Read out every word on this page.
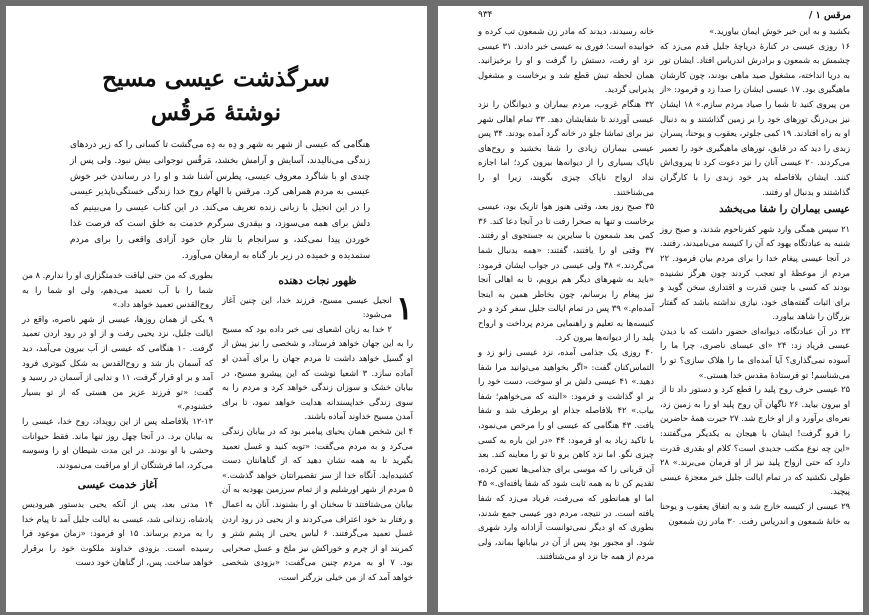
سرگذشت عیسی مسیح
نوشتهٔ مَرقُس
هنگامی که عیسی از شهر به شهر و دِه به دِه می‌گشت تا کسانی را که زیر دردهای زندگی می‌نالیدند، آسایش و آرامش بخشد، مَرقُس نوجوانی بیش نبود. ولی پس از چندی او با شاگرد معروف عیسی، پطرس آشنا شد و او را در رساندن خبر خوش عیسی به مردم همراهی کرد. مرقس با الهام روح خدا زندگی‌ خستگی‌ناپذیر عیسی را در این انجیل با زبانی زنده تعریف می‌کند. در این کتاب عیسی را می‌بینیم که دلش برای همه می‌سوزد، و بیقدری سرگرم خدمت به خلق است که فرصت غذا خوردن پیدا نمی‌کند، و سرانجام با نثار جان خود آزادی واقعی را برای مردم ستمدیده و خمیده در زیر بار گناه به ارمغان می‌آورد.

ظهور نجات دهنده

۱

انجیل عیسی مسیح، فرزند خدا، این چنین آغاز می‌شود:

۲ خدا به زبان اشعیای نبی خبر داده بود که مسیح را به این جهان خواهد فرستاد، و شخصی را نیز پیش از او گسیل خواهد داشت تا مردم جهان را برای آمدن او آماده سازد. ۳ اشعیا نوشت که این پیشرو مسیح، در بیابان خشک و سوزان زندگی خواهد کرد و مردم را به سوی زندگی خداپسندانه هدایت خواهد نمود، تا برای آمدن مسیح خداوند آماده باشند.

۴ این شخص همان یحیای پیامبر بود که در بیابان زندگی می‌کرد و به مردم می‌گفت: «توبه کنید و غسل تعمید بگیرید تا به همه نشان دهید که از گناهانتان دست کشیده‌اید. آنگاه خدا از سر تقصیراتتان خواهد گذشت.» ۵ مردم از شهر اورشلیم و از تمام سرزمین یهودیه به آن بیابان می‌شتافتند تا سخنان او را بشنوند. آنان به اعمال و رفتار بد خود اعتراف می‌کردند و از یحیی در رود اردن غسل تعمید می‌گرفتند. ۶ لباس یحیی از پشم شتر و کمربند او از چرم و خوراکش نیز ملخ و عسل صحرایی بود. ۷ او به مردم چنین می‌گفت: «بزودی شخصی خواهد آمد که از من خیلی بزرگتر است،

بطوری که من حتی لیاقت خدمتگزاری او را ندارم. ۸ من شما را با آب تعمید می‌دهم، ولی او شما را به روح‌القدس تعمید خواهد داد.»

۹ یکی از همان روزها، عیسی از شهر ناصره، واقع در ایالت جلیل، نزد یحیی رفت و از او در رود اردن تعمید گرفت. ۱۰ هنگامی که عیسی از آب بیرون می‌آمد، دید که آسمان باز شد و روح‌القدس به شکل کبوتری فرود آمد و بر او قرار گرفت، ۱۱ و ندایی از آسمان در رسید و گفت: «تو فرزند عزیز من هستی که از تو بسیار خشنودم.»

۱۲-۱۳ بلافاصله پس از این رویداد، روح خدا، عیسی را به بیابان برد. در آنجا چهل روز تنها ماند. فقط حیوانات وحشی با او بودند. در این مدت شیطان او را وسوسه می‌کرد، اما فرشتگان از او مراقبت می‌نمودند.

آغاز خدمت عیسی

۱۴ مدتی بعد، پس از آنکه یحیی بدستور هیرودیس پادشاه، زندانی شد، عیسی به ایالت جلیل آمد تا پیام خدا را به مردم برساند. ۱۵ او فرمود: «زمان موعود فرا رسیده است. بزودی خداوند ملکوت خود را برقرار خواهد ساخت. پس، از گناهان خود دست

مرقس ۱ /
۹۳۴

بکشید و به این خبر خوش ایمان بیاورید.»

۱۶ روزی عیسی در کنارهٔ دریاچهٔ جلیل قدم می‌زد که چشمش به شمعون و برادرش اندریاس افتاد. ایشان تور به دریا انداخته، مشغول صید ماهی بودند، چون کارشان ماهیگیری بود. ۱۷ عیسی ایشان را صدا زد و فرمود: «از من پیروی کنید تا شما را صیاد مردم سازم.» ۱۸ ایشان نیز بی‌درنگ تورهای خود را بر زمین گذاشتند و به دنبال او به راه افتادند. ۱۹ کمی جلوتر، یعقوب و یوحنا، پسران زبدی را دید که در قایق، تورهای ماهیگیری خود را تعمیر می‌کردند. ۲۰ عیسی آنان را نیز دعوت کرد تا پیروی‌اش کنند. ایشان بلافاصله پدر خود زبدی را با کارگران گذاشتند و بدنبال او رفتند.

عیسی بیماران را شفا می‌بخشد

۲۱ سپس همگی وارد شهر کفرناحوم شدند، و صبح روز شنبه به عبادتگاه یهود که آن را کنیسه می‌نامیدند، رفتند. در آنجا عیسی پیغام خدا را برای مردم بیان فرمود. ۲۲ مردم از موعظهٔ او تعجب کردند چون هرگز نشنیده بودند که کسی با چنین قدرت و اقتداری سخن گوید و برای اثبات گفته‌های خود، نیازی نداشته باشد که گفتار بزرگان را شاهد بیاورد.

۲۳ در آن عبادتگاه، دیوانه‌ای حضور داشت که با دیدن عیسی فریاد زد: ۲۴ «ای عیسای ناصری، چرا ما را آسوده نمی‌گذاری؟ آیا آمده‌ای ما را هلاک سازی؟ تو را می‌شناسم! تو فرستادهٔ مقدس خدا هستی.»

۲۵ عیسی حرف روح پلید را قطع کرد و دستور داد تا از او بیرون بیاید. ۲۶ ناگهان آن روح پلید او را به زمین زد، نعره‌ای برآورد و از او خارج شد. ۲۷ حیرت همهٔ حاضرین را فرو گرفت! ایشان با هیجان به یکدیگر می‌گفتند: «این چه نوع مکتب جدیدی است؟ کلام او بقدری قدرت دارد که حتی ارواح پلید نیز از او فرمان می‌برند.» ۲۸ طولی نکشید که در تمام ایالت جلیل خبر معجزهٔ عیسی پیچید.

۲۹ عیسی از کنیسه خارج شد و به اتفاق یعقوب و یوحنا به خانهٔ شمعون و اندریاس رفت. ۳۰ مادر زن شمعون

خانه رسیدند، دیدند که مادر زن شمعون تب کرده و خوابیده است؛ فوری به عیسی خبر دادند. ۳۱ عیسی نزد او رفت، دستش را گرفت و او را برخیزانید. همان لحظه تبش قطع شد و برخاست و مشغول پذیرایی گردید.

۳۲ هنگام غروب، مردم بیماران و دیوانگان را نزد عیسی آوردند تا شفایشان دهد. ۳۳ تمام اهالی شهر نیز برای تماشا جلو در خانه گرد آمده بودند. ۳۴ پس عیسی بیماران زیادی را شفا بخشید و روح‌های ناپاک بسیاری را از دیوانه‌ها بیرون کرد؛ اما اجازه نداد ارواح ناپاک چیزی بگویند، زیرا او را می‌شناختند.

۳۵ صبح روز بعد، وقتی هنوز هوا تاریک بود، عیسی برخاست و تنها به صحرا رفت تا در آنجا دعا کند. ۳۶ کمی بعد شمعون با سایرین به جستجوی او رفتند. ۳۷ وقتی او را یافتند، گفتند: «همه بدنبال شما می‌گردند.» ۳۸ ولی عیسی در جواب ایشان فرمود: «باید به شهرهای دیگر هم برویم، تا به اهالی آنجا نیز پیغام را برسانم، چون بخاطر همین به اینجا آمده‌ام.» ۳۹ پس در تمام ایالت جلیل سفر کرد و در کنیسه‌ها به تعلیم و راهنمایی مردم پرداخت و ارواح پلید را از دیوانه‌ها بیرون کرد.

۴۰ روزی یک جذامی آمده، نزد عیسی زانو زد و التماس‌کنان گفت: «اگر بخواهید می‌توانید مرا شفا دهید.» ۴۱ عیسی دلش بر او سوخت، دست خود را بر او گذاشت و فرمود: «البته که می‌خواهم؛ شفا بیاب.» ۴۲ بلافاصله جذام او برطرف شد و شفا یافت. ۴۳ هنگامی که عیسی او را مرخص می‌نمود، با تاکید زیاد به او فرمود: ۴۴ «در این باره به کسی چیزی نگو. اما نزد کاهن برو تا تو را معاینه کند. بعد آن قربانی را که موسی برای جذامی‌ها تعیین کرده، تقدیم کن تا به همه ثابت شود که شفا یافته‌ای.» ۴۵ اما او همانطور که می‌رفت، فریاد می‌زد که شفا یافته است. در نتیجه، مردم دور عیسی جمع شدند، بطوری که او دیگر نمی‌توانست آزادانه وارد شهری شود. او مجبور بود پس از آن در بیابانها بماند، ولی مردم از همه جا نزد او می‌شتافتند.
